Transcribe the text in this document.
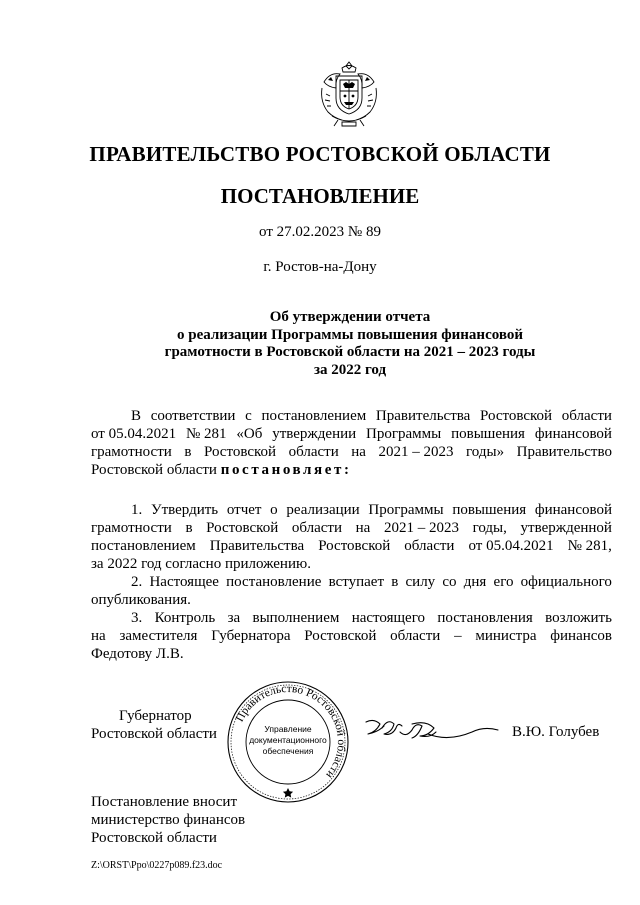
ПРАВИТЕЛЬСТВО РОСТОВСКОЙ ОБЛАСТИ
ПОСТАНОВЛЕНИЕ
от 27.02.2023 № 89
г. Ростов-на-Дону
Об утверждении отчета
о реализации Программы повышения финансовой
грамотности в Ростовской области на 2021 – 2023 годы
за 2022 год
В соответствии с постановлением Правительства Ростовской области
от 05.04.2021 № 281 «Об утверждении Программы повышения финансовой
грамотности в Ростовской области на 2021 – 2023 годы» Правительство
Ростовской области постановляет:
1. Утвердить отчет о реализации Программы повышения финансовой
грамотности в Ростовской области на 2021 – 2023 годы, утвержденной
постановлением Правительства Ростовской области от 05.04.2021 № 281,
за 2022 год согласно приложению.
2. Настоящее постановление вступает в силу со дня его официального
опубликования.
3. Контроль за выполнением настоящего постановления возложить
на заместителя Губернатора Ростовской области – министра финансов
Федотову Л.В.
Губернатор
Ростовской области
Правительство Ростовской области
Управление
документационного
обеспечения
В.Ю. Голубев
Постановление вносит
министерство финансов
Ростовской области
Z:\ORST\Ppo\0227p089.f23.doc
